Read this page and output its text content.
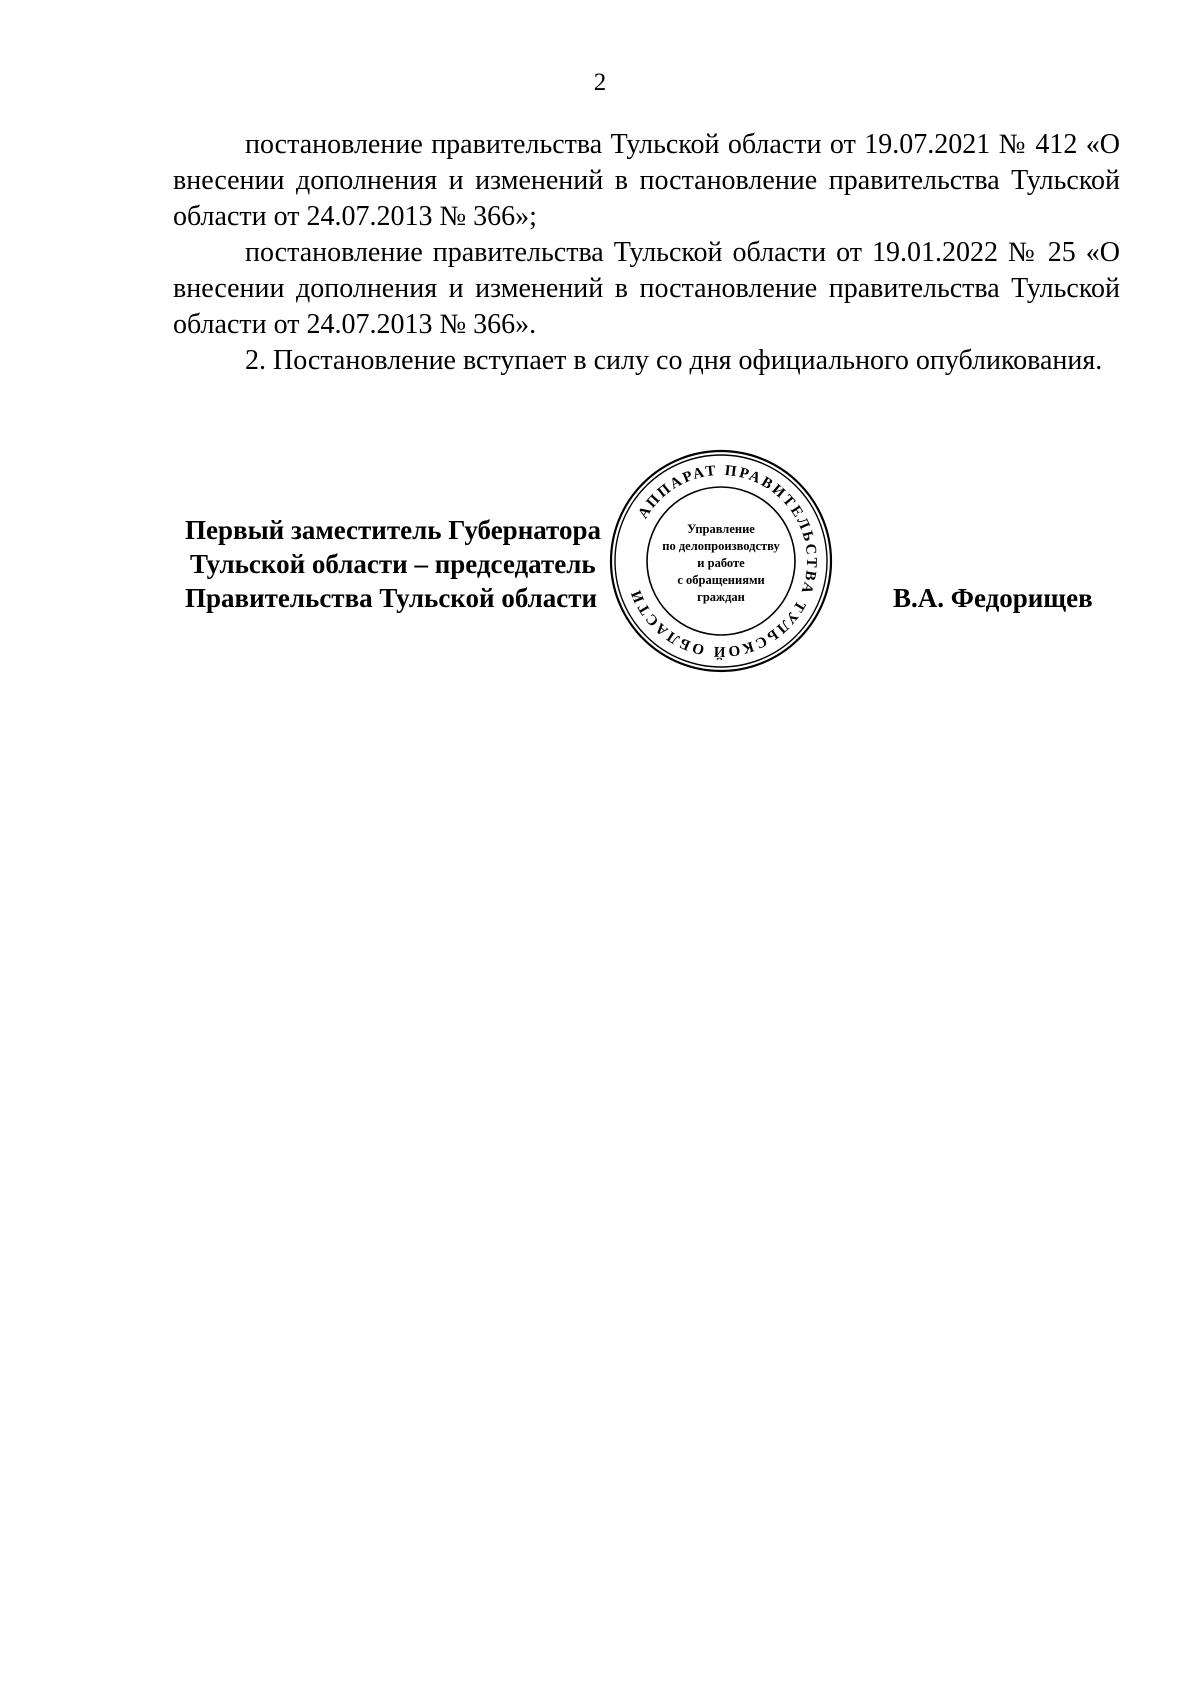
2

постановление правительства Тульской области от 19.07.2021 № 412 «О внесении дополнения и изменений в постановление правительства Тульской области от 24.07.2013 № 366»;

постановление правительства Тульской области от 19.01.2022 № 25 «О внесении дополнения и изменений в постановление правительства Тульской области от 24.07.2013 № 366».

2. Постановление вступает в силу со дня официального опубликования.

Первый заместитель Губернатора
Тульской области – председатель
Правительства Тульской области	В.А. Федорищев
АППАРАТ ПРАВИТЕЛЬСТВА ТУЛЬСКОЙ ОБЛАСТИ
Управление
по делопроизводству
и работе
с обращениями
граждан
